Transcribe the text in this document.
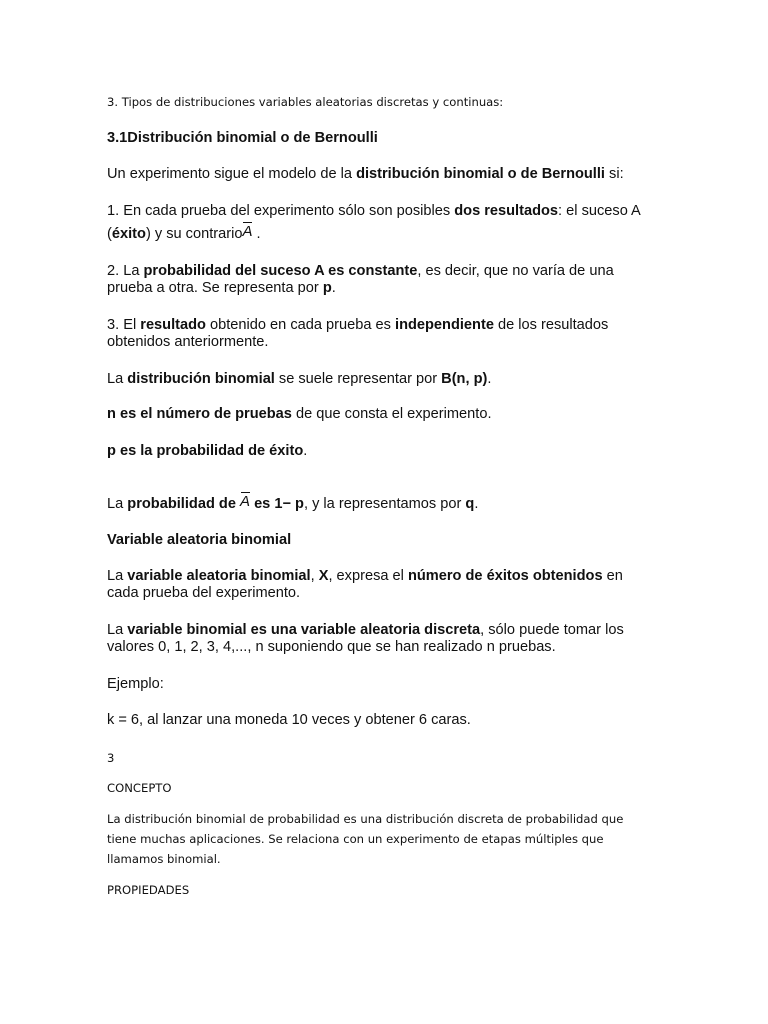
3. Tipos de distribuciones variables aleatorias discretas y continuas:
3.1Distribución binomial o de Bernoulli
Un experimento sigue el modelo de la distribución binomial o de Bernoulli si:
1. En cada prueba del experimento sólo son posibles dos resultados: el suceso A
(éxito) y su contrarioA .
2. La probabilidad del suceso A es constante, es decir, que no varía de una
prueba a otra. Se representa por p.
3. El resultado obtenido en cada prueba es independiente de los resultados
obtenidos anteriormente.
La distribución binomial se suele representar por B(n, p).
n es el número de pruebas de que consta el experimento.
p es la probabilidad de éxito.
La probabilidad de A es 1− p, y la representamos por q.
Variable aleatoria binomial
La variable aleatoria binomial, X, expresa el número de éxitos obtenidos en
cada prueba del experimento.
La variable binomial es una variable aleatoria discreta, sólo puede tomar los
valores 0, 1, 2, 3, 4,..., n suponiendo que se han realizado n pruebas.
Ejemplo:
k = 6, al lanzar una moneda 10 veces y obtener 6 caras.
3
CONCEPTO
La distribución binomial de probabilidad es una distribución discreta de probabilidad que
tiene muchas aplicaciones. Se relaciona con un experimento de etapas múltiples que
llamamos binomial.
PROPIEDADES
